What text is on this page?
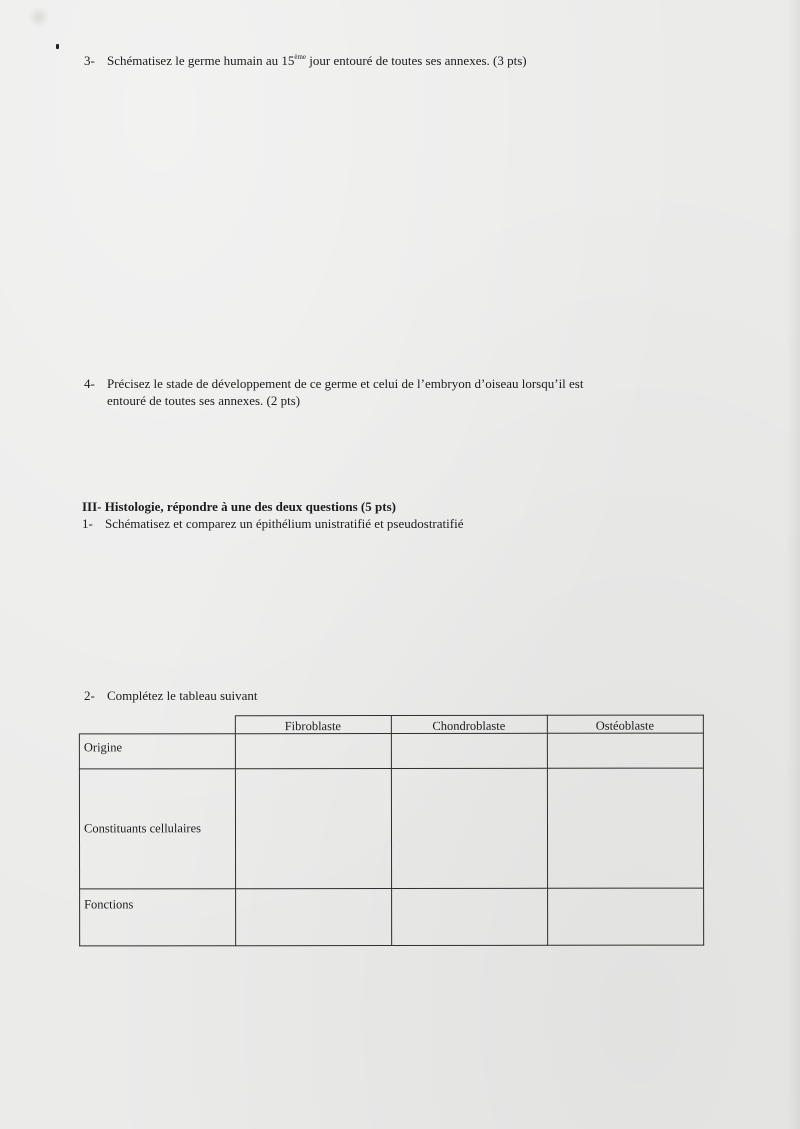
3- Schématisez le germe humain au 15ème jour entouré de toutes ses annexes. (3 pts)
4- Précisez le stade de développement de ce germe et celui de l’embryon d’oiseau lorsqu’il est
entouré de toutes ses annexes. (2 pts)
III- Histologie, répondre à une des deux questions (5 pts)
1- Schématisez et comparez un épithélium unistratifié et pseudostratifié
2- Complétez le tableau suivant
	Fibroblaste	Chondroblaste	Ostéoblaste
Origine			
Constituants cellulaires			
Fonctions			
